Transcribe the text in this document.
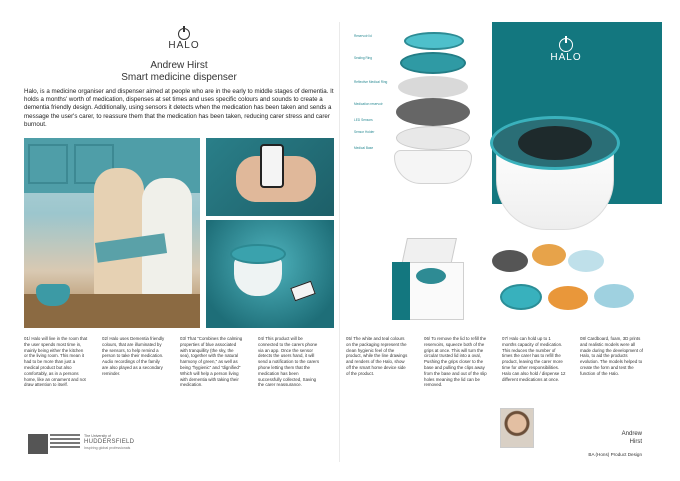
HALO
Andrew Hirst
Smart medicine dispenser
Halo, is a medicine organiser and dispenser aimed at people who are in the early to middle stages of dementia. It holds a months' worth of medication, dispenses at set times and uses specific colours and sounds to create a dementia friendly design. Additionally, using sensors it detects when the medication has been taken and sends a message the user's carer, to reassure them that the medication has been taken, reducing carer stress and carer burnout.
01/ Halo will live in the room that the user spends most time in, mainly being either the kitchen or the living room. This mean it had to be more than just a medical product but also comfortably, as in a persons home, like an ornament and not draw attention to itself.
02/ Halo uses Dementia friendly colours, that are illuminated by the sensors, to help remind a person to take their medication. Audio recordings of the family are also played as a secondary reminder.
03/ That "Combines the calming properties of blue associated with tranquillity (the sky, the sea), together with the natural harmony of green," as well as being "hygienic" and "dignified" Which will help a person living with dementia with taking their medication.
04/ This product will be connected to the carers phone via an app. Once the sensor detects the users hand, it will send a notification to the carers phone letting them that the medication has been successfully collected, Saving the carer reassurance.
The University of
HUDDERSFIELD
Inspiring global professionals
HALO
Reservoir lid
Sealing Ring
Reflective Medical Ring
Medication reservoir
LED Sensors
Sensor Holder
Medical Base
05/ The white and teal colours on the packaging represent the clean hygienic feel of the product, while the line drawings and renders of the Halo, show off the smart home device side of the product.
06/ To remove the lid to refill the reservoirs, squeeze both of the grips at once. This will turn the circular trusted lid into a oval, Pushing the grips closer to the base and pulling the clips away from the base and out of the slip holes meaning the lid can be removed.
07/ Halo can hold up to 1 months capacity of medication. This reduces the number of times the carer has to refill the product, leaving the carer more time for other responsibilities. Halo can also hold / dispense 12 different medications at once.
08/ Cardboard, foam, 3D prints and realistic models were all made during the development of Halo, to aid the products evolution. The models helped to create the form and test the function of the Halo.
Andrew
Hirst
BA (Hons) Product Design
